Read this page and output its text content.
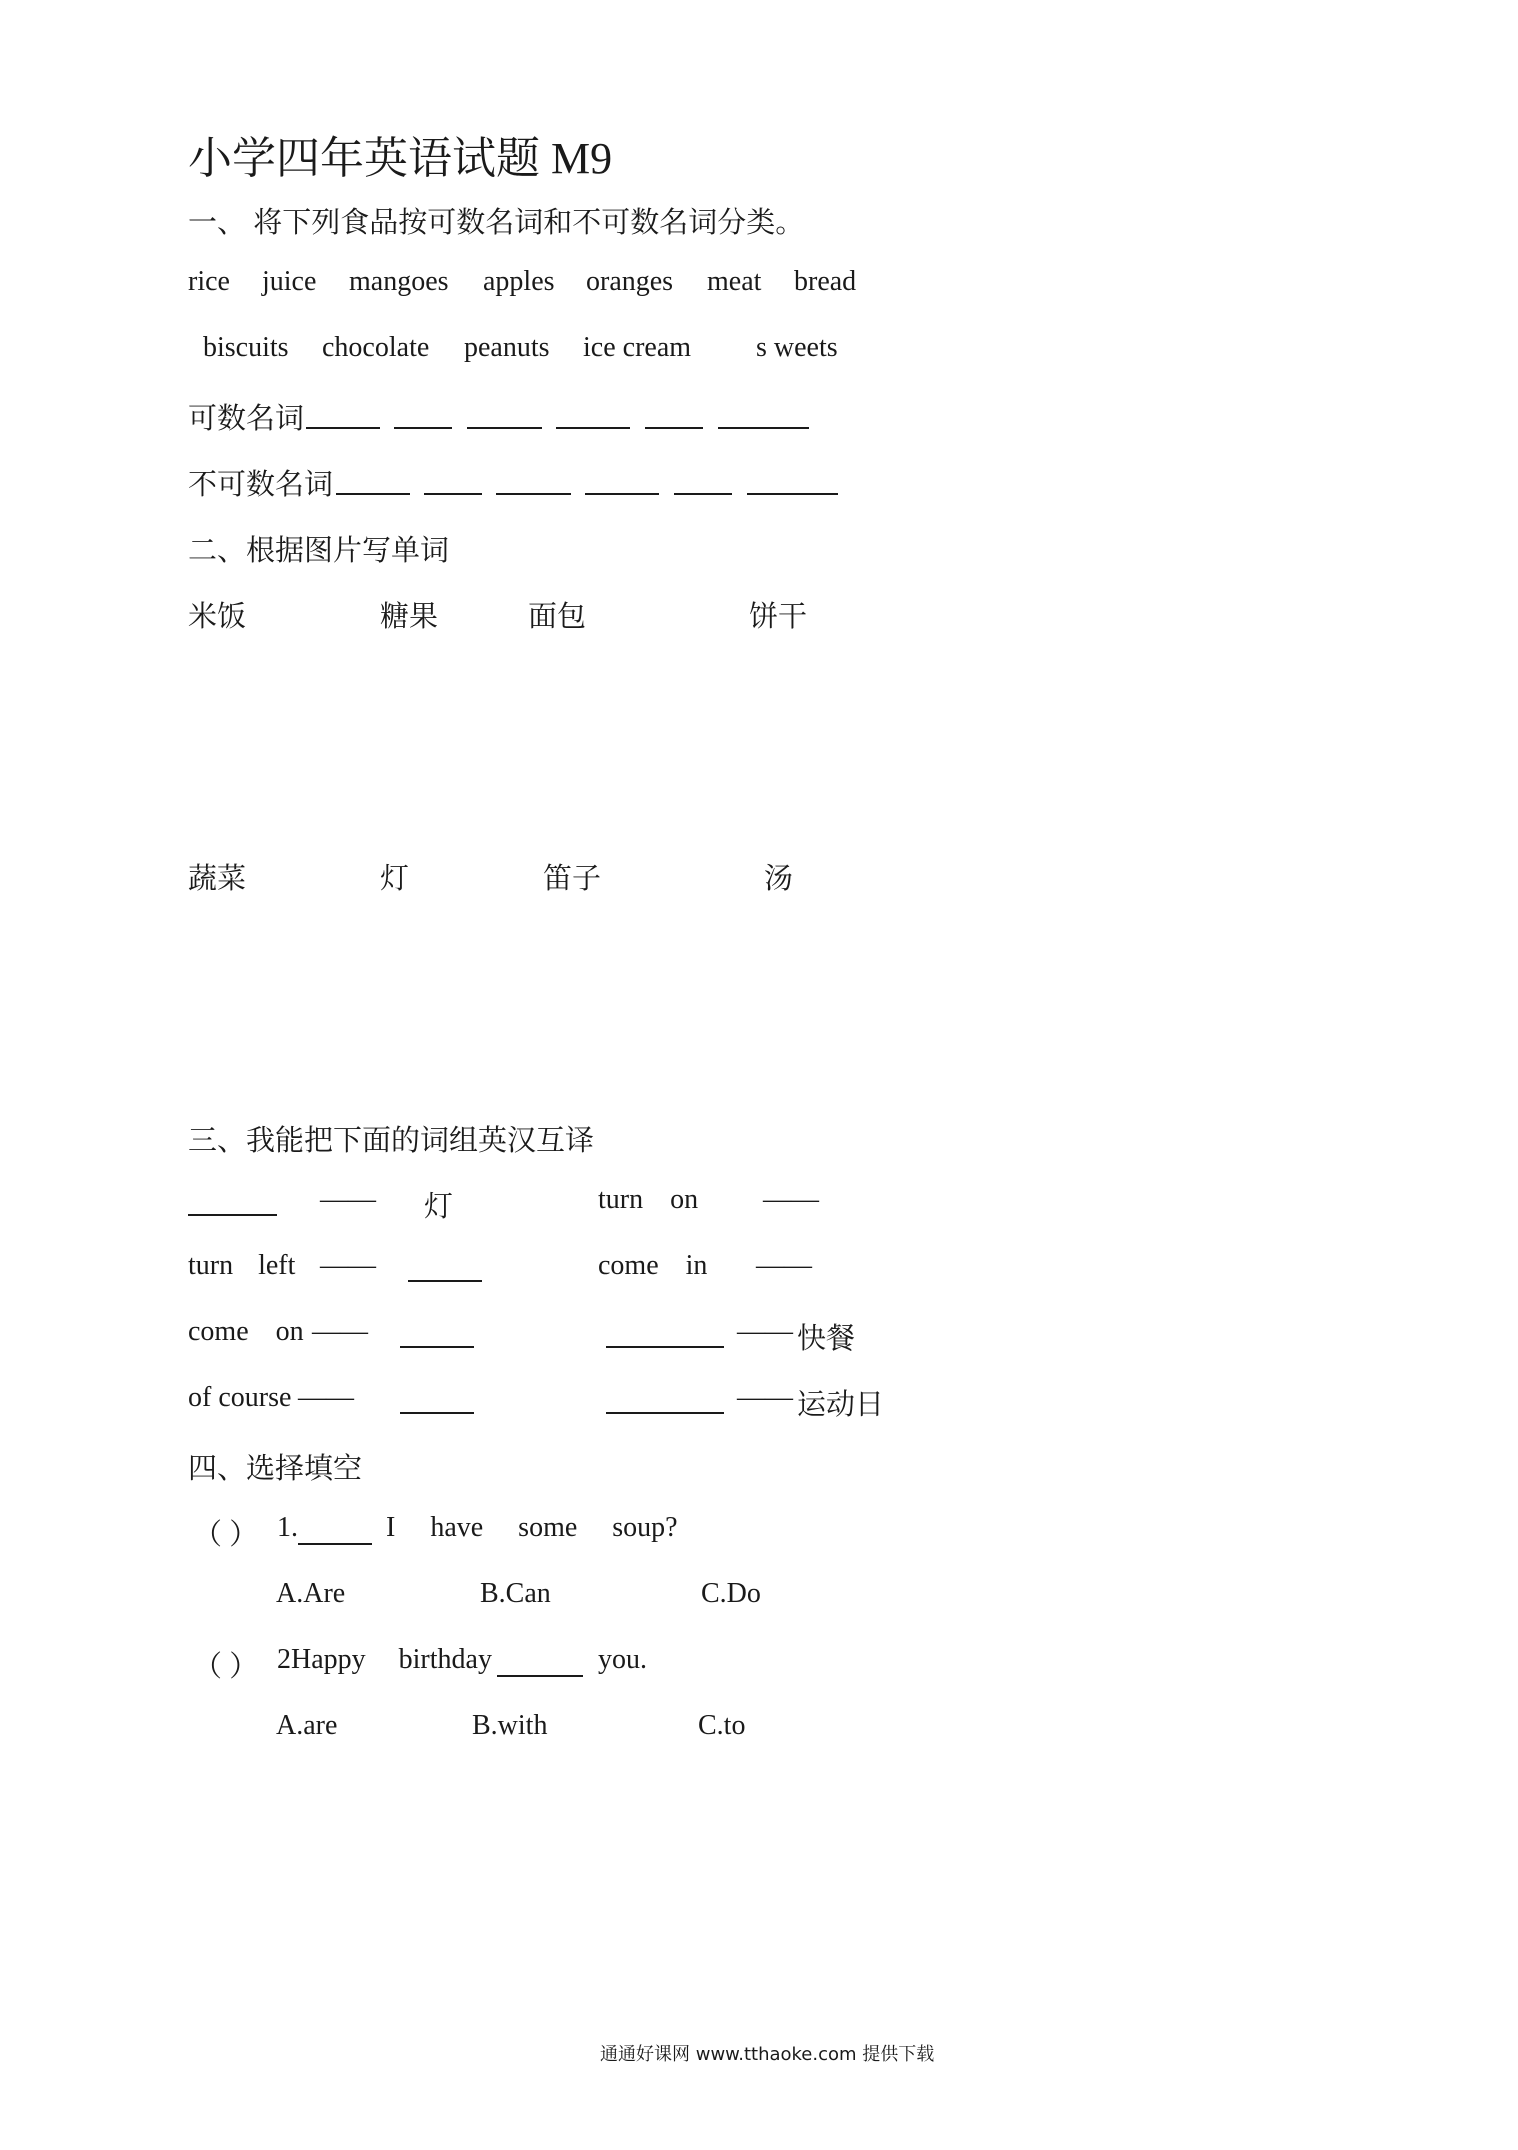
小学四年英语试题 M9
一、 将下列食品按可数名词和不可数名词分类。
rice juice mangoes apples oranges meat bread
biscuits chocolate peanuts ice cream s weets
可数名词
不可数名词
二、根据图片写单词
米饭	糖果	面包	饼干
蔬菜	灯	笛子	汤
三、我能把下面的词组英汉互译
—— 灯	turn on ——
turn left ——	come in ——
come on ——	—— 快餐
of course ——	—— 运动日
四、选择填空
（ ） 1.	I have some soup?
A.Are	B.Can	C.Do
（ ） 2Happy birthday	you.
A.are	B.with	C.to
通通好课网 www.tthaoke.com 提供下载
